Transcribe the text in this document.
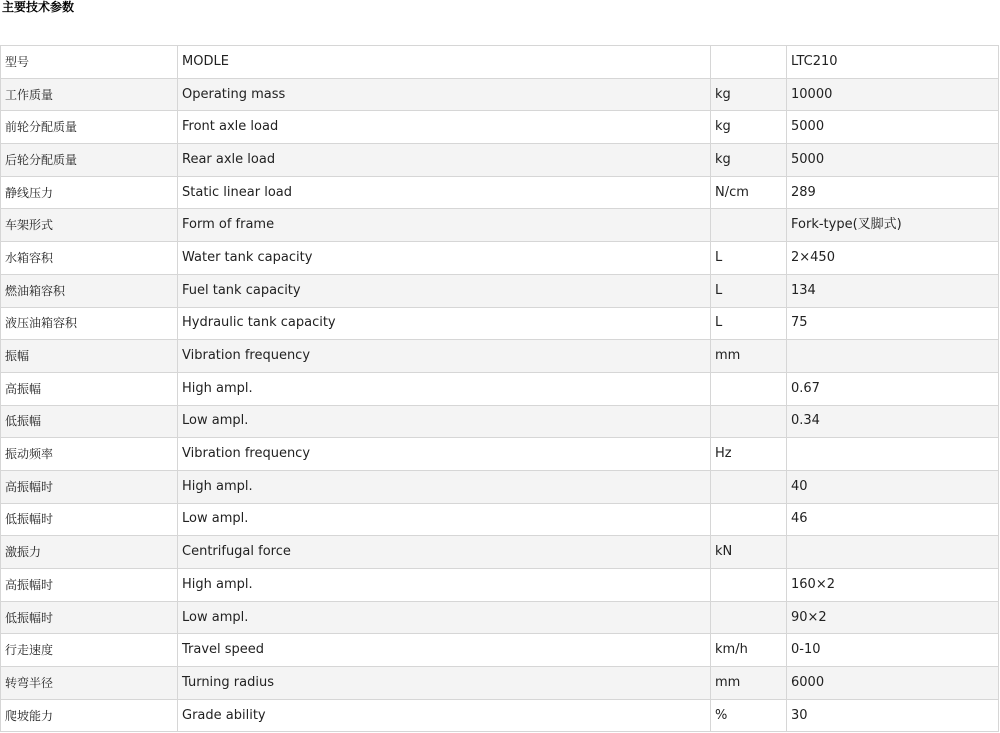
主要技术参数
型号	MODLE		LTC210
工作质量	Operating mass	kg	10000
前轮分配质量	Front axle load	kg	5000
后轮分配质量	Rear axle load	kg	5000
静线压力	Static linear load	N/cm	289
车架形式	Form of frame		Fork-type(叉脚式)
水箱容积	Water tank capacity	L	2×450
燃油箱容积	Fuel tank capacity	L	134
液压油箱容积	Hydraulic tank capacity	L	75
振幅	Vibration frequency	mm	
高振幅	High ampl.		0.67
低振幅	Low ampl.		0.34
振动频率	Vibration frequency	Hz	
高振幅时	High ampl.		40
低振幅时	Low ampl.		46
激振力	Centrifugal force	kN	
高振幅时	High ampl.		160×2
低振幅时	Low ampl.		90×2
行走速度	Travel speed	km/h	0-10
转弯半径	Turning radius	mm	6000
爬坡能力	Grade ability	%	30
